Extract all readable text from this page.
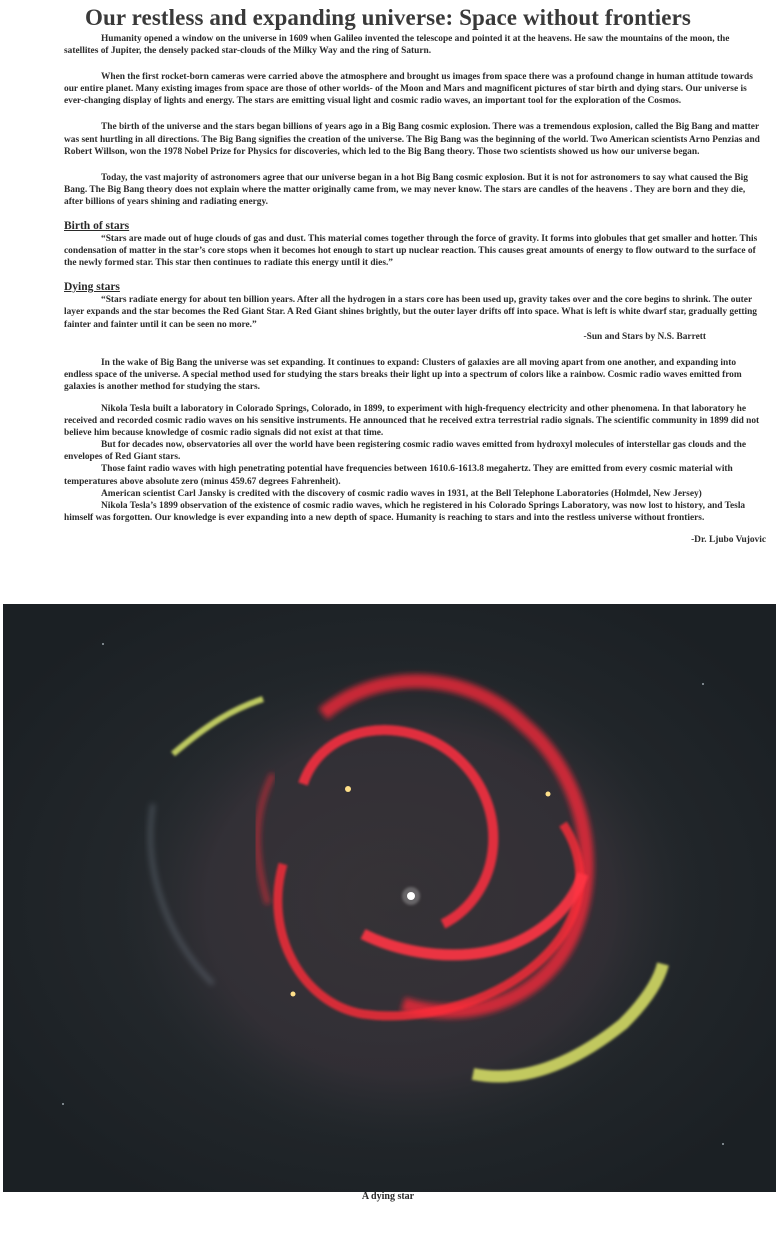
Our restless and expanding universe: Space without frontiers

Humanity opened a window on the universe in 1609 when Galileo invented the telescope and pointed it at the heavens. He saw the mountains of the moon, the satellites of Jupiter, the densely packed star-clouds of the Milky Way and the ring of Saturn.

When the first rocket-born cameras were carried above the atmosphere and brought us images from space there was a profound change in human attitude towards our entire planet. Many existing images from space are those of other worlds- of the Moon and Mars and magnificent pictures of star birth and dying stars. Our universe is ever-changing display of lights and energy. The stars are emitting visual light and cosmic radio waves, an important tool for the exploration of the Cosmos.

The birth of the universe and the stars began billions of years ago in a Big Bang cosmic explosion. There was a tremendous explosion, called the Big Bang and matter was sent hurtling in all directions. The Big Bang signifies the creation of the universe. The Big Bang was the beginning of the world. Two American scientists Arno Penzias and Robert Willson, won the 1978 Nobel Prize for Physics for discoveries, which led to the Big Bang theory. Those two scientists showed us how our universe began.

Today, the vast majority of astronomers agree that our universe began in a hot Big Bang cosmic explosion. But it is not for astronomers to say what caused the Big Bang. The Big Bang theory does not explain where the matter originally came from, we may never know. The stars are candles of the heavens . They are born and they die, after billions of years shining and radiating energy.

Birth of stars

“Stars are made out of huge clouds of gas and dust. This material comes together through the force of gravity. It forms into globules that get smaller and hotter. This condensation of matter in the star’s core stops when it becomes hot enough to start up nuclear reaction. This causes great amounts of energy to flow outward to the surface of the newly formed star. This star then continues to radiate this energy until it dies.”

Dying stars

“Stars radiate energy for about ten billion years. After all the hydrogen in a stars core has been used up, gravity takes over and the core begins to shrink. The outer layer expands and the star becomes the Red Giant Star. A Red Giant shines brightly, but the outer layer drifts off into space. What is left is white dwarf star, gradually getting fainter and fainter until it can be seen no more.”

-Sun and Stars by N.S. Barrett

In the wake of Big Bang the universe was set expanding. It continues to expand: Clusters of galaxies are all moving apart from one another, and expanding into endless space of the universe. A special method used for studying the stars breaks their light up into a spectrum of colors like a rainbow. Cosmic radio waves emitted from galaxies is another method for studying the stars.

Nikola Tesla built a laboratory in Colorado Springs, Colorado, in 1899, to experiment with high-frequency electricity and other phenomena. In that laboratory he received and recorded cosmic radio waves on his sensitive instruments. He announced that he received extra terrestrial radio signals. The scientific community in 1899 did not believe him because knowledge of cosmic radio signals did not exist at that time.

But for decades now, observatories all over the world have been registering cosmic radio waves emitted from hydroxyl molecules of interstellar gas clouds and the envelopes of Red Giant stars.

Those faint radio waves with high penetrating potential have frequencies between 1610.6-1613.8 megahertz. They are emitted from every cosmic material with temperatures above absolute zero (minus 459.67 degrees Fahrenheit).

American scientist Carl Jansky is credited with the discovery of cosmic radio waves in 1931, at the Bell Telephone Laboratories (Holmdel, New Jersey)

Nikola Tesla’s 1899 observation of the existence of cosmic radio waves, which he registered in his Colorado Springs Laboratory, was now lost to history, and Tesla himself was forgotten. Our knowledge is ever expanding into a new depth of space. Humanity is reaching to stars and into the restless universe without frontiers.

-Dr. Ljubo Vujovic

A dying star
